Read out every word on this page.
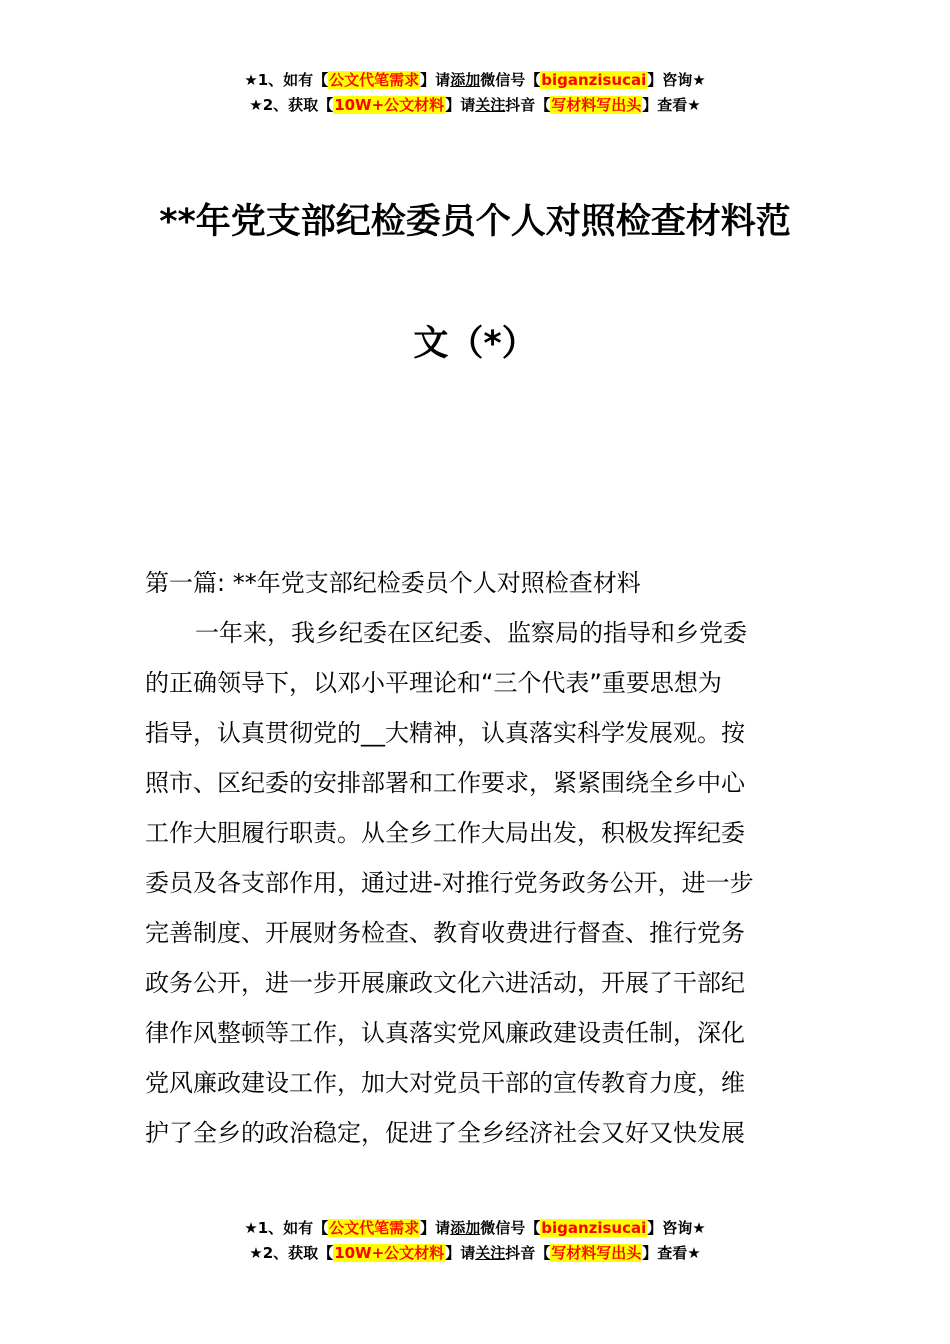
★1、如有【公文代笔需求】请添加微信号【biganzisucai】咨询★
★2、获取【10W+公文材料】请关注抖音【写材料写出头】查看★
**年党支部纪检委员个人对照检查材料范
文（*）
第一篇: **年党支部纪检委员个人对照检查材料
一年来，我乡纪委在区纪委、监察局的指导和乡党委
的正确领导下，以邓小平理论和“三个代表”重要思想为
指导，认真贯彻党的__大精神，认真落实科学发展观。按
照市、区纪委的安排部署和工作要求，紧紧围绕全乡中心
工作大胆履行职责。从全乡工作大局出发，积极发挥纪委
委员及各支部作用，通过进-对推行党务政务公开，进一步
完善制度、开展财务检查、教育收费进行督查、推行党务
政务公开，进一步开展廉政文化六进活动，开展了干部纪
律作风整顿等工作，认真落实党风廉政建设责任制，深化
党风廉政建设工作，加大对党员干部的宣传教育力度，维
护了全乡的政治稳定，促进了全乡经济社会又好又快发展
★1、如有【公文代笔需求】请添加微信号【biganzisucai】咨询★
★2、获取【10W+公文材料】请关注抖音【写材料写出头】查看★
